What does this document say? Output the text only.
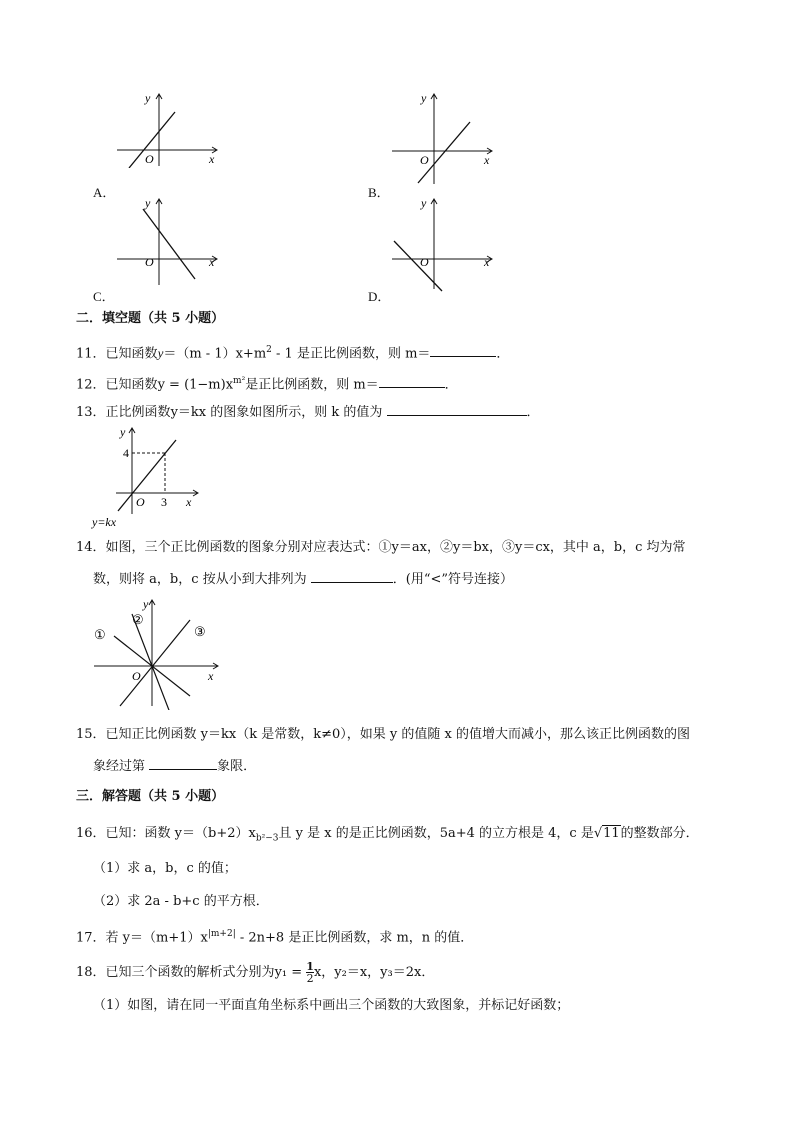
y
x
O
A．
y
x
O
B．
y
x
O
C．
y
x
O
D．
二．填空题（共 5 小题）
11．已知函数$y=(m - 1)x+m^2 - 1$ 是正比例函数，则 m＝	．
12．已知函数$y = (1-m)x^{m^2}$是正比例函数，则 m＝	．
13．正比例函数y＝kx 的图象如图所示，则 k 的值为	．
y
x
O
4
3
y=kx
14．如图，三个正比例函数的图象分别对应表达式：①y＝ax，②y＝bx，③y＝cx，其中 a，b，c 均为常
数，则将 a，b，c 按从小到大排列为	．(用“<”符号连接）
y
x
O
①
②
③
15．已知正比例函数 y＝kx（k 是常数，k≠0），如果 y 的值随 x 的值增大而减小，那么该正比例函数的图
象经过第	象限．
三．解答题（共 5 小题）
16．已知：函数 $y=(b+2)x_{b^2-3}$且 y 是 x 的是正比例函数，5a+4 的立方根是 4，c 是√11的整数部分．
（1）求 a，b，c 的值；
（2）求 2a - b+c 的平方根．
17．若 $y=(m+1)x^{|m+2|} - 2n+8$ 是正比例函数，求 m，n 的值．
18．已知三个函数的解析式分别为$y_1 = \frac{1}{2}$ x，y₂＝x，y₃＝2x．
（1）如图，请在同一平面直角坐标系中画出三个函数的大致图象，并标记好函数；
